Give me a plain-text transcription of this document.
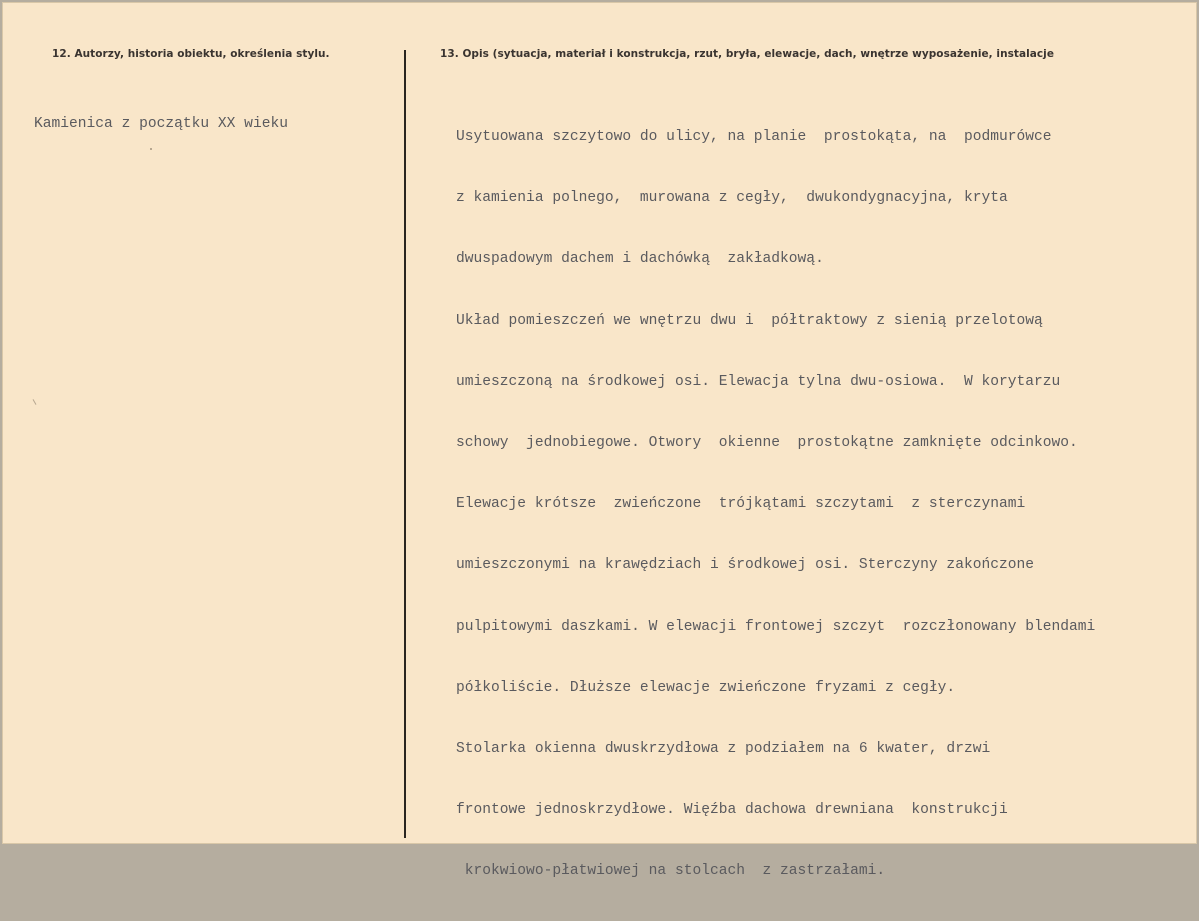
12. Autorzy, historia obiektu, określenia stylu.
Kamienica z początku XX wieku
13. Opis (sytuacja, materiał i konstrukcja, rzut, bryła, elewacje, dach, wnętrze wyposażenie, instalacje

Usytuowana szczytowo do ulicy, na planie  prostokąta, na  podmurówce

z kamienia polnego,  murowana z cegły,  dwukondygnacyjna, kryta

dwuspadowym dachem i dachówką  zakładkową.

Układ pomieszczeń we wnętrzu dwu i  półtraktowy z sienią przelotową

umieszczoną na środkowej osi. Elewacja tylna dwu-osiowa.  W korytarzu

schowy  jednobiegowe. Otwory  okienne  prostokątne zamknięte odcinkowo.

Elewacje krótsze  zwieńczone  trójkątami szczytami  z sterczynami

umieszczonymi na krawędziach i środkowej osi. Sterczyny zakończone

pulpitowymi daszkami. W elewacji frontowej szczyt  rozczłonowany blendami

półkoliście. Dłuższe elewacje zwieńczone fryzami z cegły.

Stolarka okienna dwuskrzydłowa z podziałem na 6 kwater, drzwi

frontowe jednoskrzydłowe. Więźba dachowa drewniana  konstrukcji

krokwiowo-płatwiowej na stolcach  z zastrzałami.
